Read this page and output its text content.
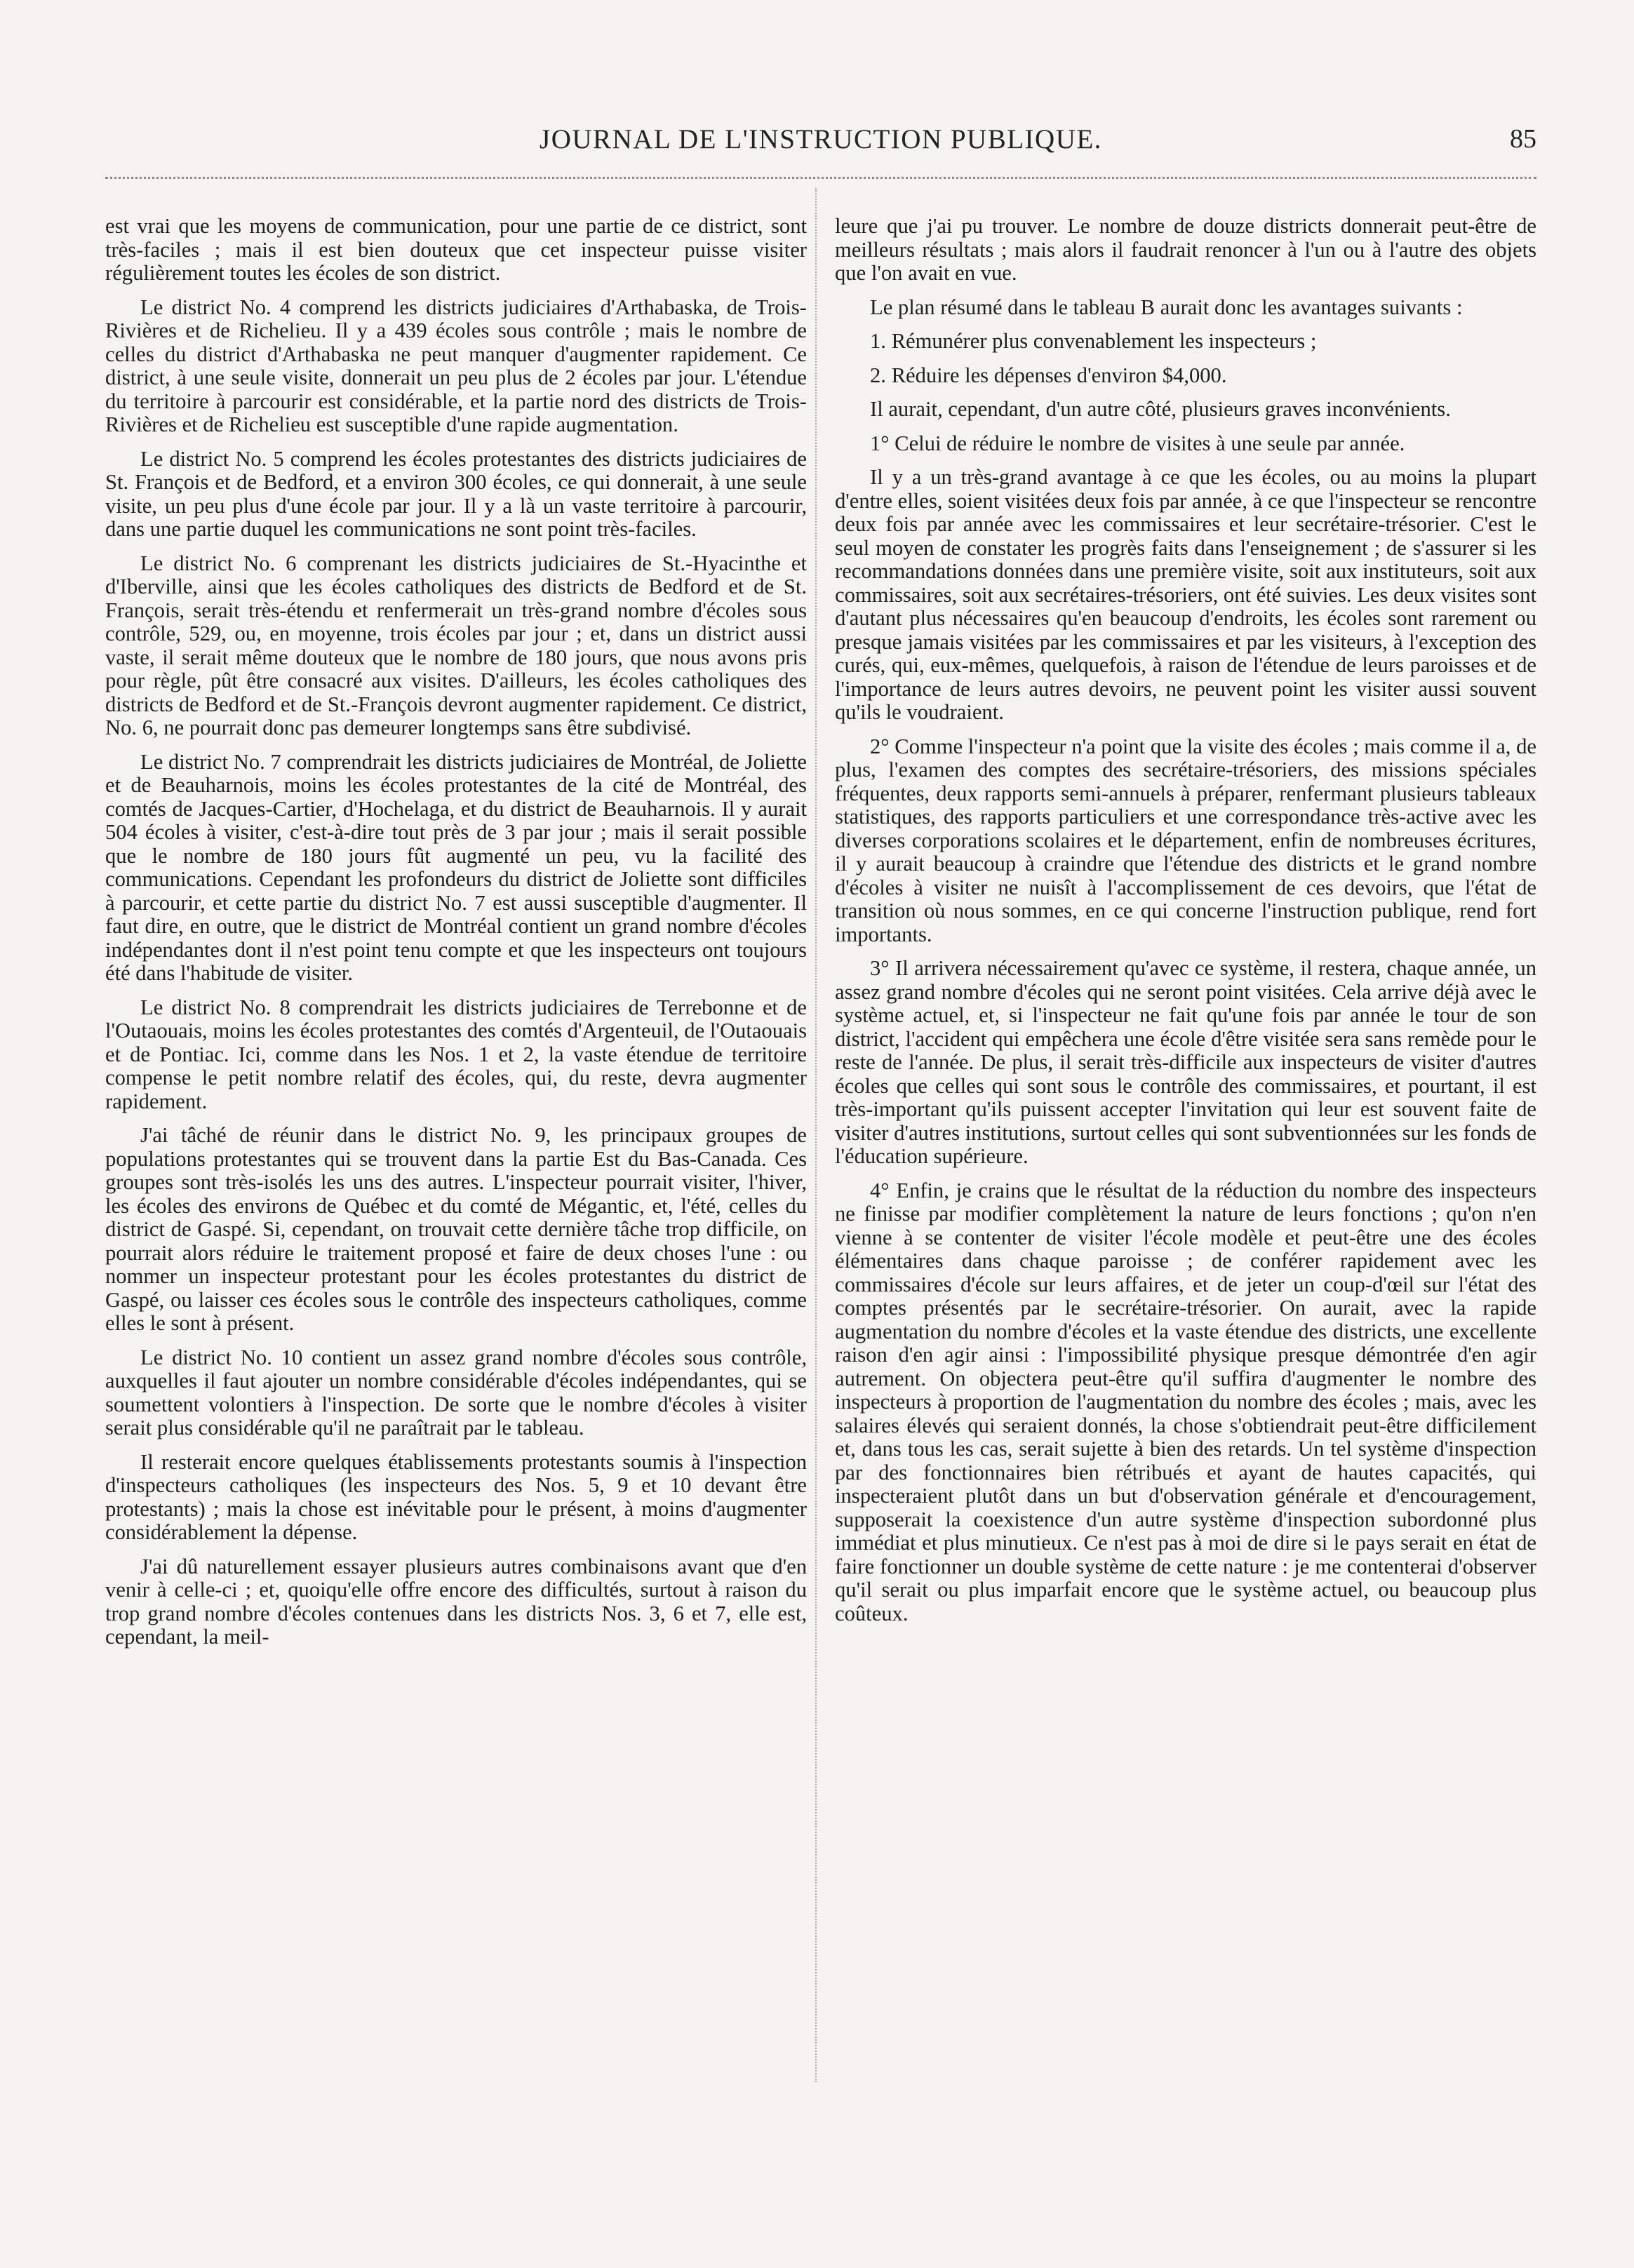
JOURNAL DE L'INSTRUCTION PUBLIQUE.	85

est vrai que les moyens de communication, pour une partie de ce district, sont très-faciles ; mais il est bien douteux que cet inspecteur puisse visiter régulièrement toutes les écoles de son district.

Le district No. 4 comprend les districts judiciaires d'Arthabaska, de Trois-Rivières et de Richelieu. Il y a 439 écoles sous contrôle ; mais le nombre de celles du district d'Arthabaska ne peut manquer d'augmenter rapidement. Ce district, à une seule visite, donnerait un peu plus de 2 écoles par jour. L'étendue du territoire à parcourir est considérable, et la partie nord des districts de Trois-Rivières et de Richelieu est susceptible d'une rapide augmentation.

Le district No. 5 comprend les écoles protestantes des districts judiciaires de St. François et de Bedford, et a environ 300 écoles, ce qui donnerait, à une seule visite, un peu plus d'une école par jour. Il y a là un vaste territoire à parcourir, dans une partie duquel les communications ne sont point très-faciles.

Le district No. 6 comprenant les districts judiciaires de St.-Hyacinthe et d'Iberville, ainsi que les écoles catholiques des districts de Bedford et de St. François, serait très-étendu et renfermerait un très-grand nombre d'écoles sous contrôle, 529, ou, en moyenne, trois écoles par jour ; et, dans un district aussi vaste, il serait même douteux que le nombre de 180 jours, que nous avons pris pour règle, pût être consacré aux visites. D'ailleurs, les écoles catholiques des districts de Bedford et de St.-François devront augmenter rapidement. Ce district, No. 6, ne pourrait donc pas demeurer longtemps sans être subdivisé.

Le district No. 7 comprendrait les districts judiciaires de Montréal, de Joliette et de Beauharnois, moins les écoles protestantes de la cité de Montréal, des comtés de Jacques-Cartier, d'Hochelaga, et du district de Beauharnois. Il y aurait 504 écoles à visiter, c'est-à-dire tout près de 3 par jour ; mais il serait possible que le nombre de 180 jours fût augmenté un peu, vu la facilité des communications. Cependant les profondeurs du district de Joliette sont difficiles à parcourir, et cette partie du district No. 7 est aussi susceptible d'augmenter. Il faut dire, en outre, que le district de Montréal contient un grand nombre d'écoles indépendantes dont il n'est point tenu compte et que les inspecteurs ont toujours été dans l'habitude de visiter.

Le district No. 8 comprendrait les districts judiciaires de Terrebonne et de l'Outaouais, moins les écoles protestantes des comtés d'Argenteuil, de l'Outaouais et de Pontiac. Ici, comme dans les Nos. 1 et 2, la vaste étendue de territoire compense le petit nombre relatif des écoles, qui, du reste, devra augmenter rapidement.

J'ai tâché de réunir dans le district No. 9, les principaux groupes de populations protestantes qui se trouvent dans la partie Est du Bas-Canada. Ces groupes sont très-isolés les uns des autres. L'inspecteur pourrait visiter, l'hiver, les écoles des environs de Québec et du comté de Mégantic, et, l'été, celles du district de Gaspé. Si, cependant, on trouvait cette dernière tâche trop difficile, on pourrait alors réduire le traitement proposé et faire de deux choses l'une : ou nommer un inspecteur protestant pour les écoles protestantes du district de Gaspé, ou laisser ces écoles sous le contrôle des inspecteurs catholiques, comme elles le sont à présent.

Le district No. 10 contient un assez grand nombre d'écoles sous contrôle, auxquelles il faut ajouter un nombre considérable d'écoles indépendantes, qui se soumettent volontiers à l'inspection. De sorte que le nombre d'écoles à visiter serait plus considérable qu'il ne paraîtrait par le tableau.

Il resterait encore quelques établissements protestants soumis à l'inspection d'inspecteurs catholiques (les inspecteurs des Nos. 5, 9 et 10 devant être protestants) ; mais la chose est inévitable pour le présent, à moins d'augmenter considérablement la dépense.

J'ai dû naturellement essayer plusieurs autres combinaisons avant que d'en venir à celle-ci ; et, quoiqu'elle offre encore des difficultés, surtout à raison du trop grand nombre d'écoles contenues dans les districts Nos. 3, 6 et 7, elle est, cependant, la meil-

leure que j'ai pu trouver. Le nombre de douze districts donnerait peut-être de meilleurs résultats ; mais alors il faudrait renoncer à l'un ou à l'autre des objets que l'on avait en vue.

Le plan résumé dans le tableau B aurait donc les avantages suivants :

1. Rémunérer plus convenablement les inspecteurs ;

2. Réduire les dépenses d'environ $4,000.

Il aurait, cependant, d'un autre côté, plusieurs graves inconvénients.

1° Celui de réduire le nombre de visites à une seule par année.

Il y a un très-grand avantage à ce que les écoles, ou au moins la plupart d'entre elles, soient visitées deux fois par année, à ce que l'inspecteur se rencontre deux fois par année avec les commissaires et leur secrétaire-trésorier. C'est le seul moyen de constater les progrès faits dans l'enseignement ; de s'assurer si les recommandations données dans une première visite, soit aux instituteurs, soit aux commissaires, soit aux secrétaires-trésoriers, ont été suivies. Les deux visites sont d'autant plus nécessaires qu'en beaucoup d'endroits, les écoles sont rarement ou presque jamais visitées par les commissaires et par les visiteurs, à l'exception des curés, qui, eux-mêmes, quelquefois, à raison de l'étendue de leurs paroisses et de l'importance de leurs autres devoirs, ne peuvent point les visiter aussi souvent qu'ils le voudraient.

2° Comme l'inspecteur n'a point que la visite des écoles ; mais comme il a, de plus, l'examen des comptes des secrétaire-trésoriers, des missions spéciales fréquentes, deux rapports semi-annuels à préparer, renfermant plusieurs tableaux statistiques, des rapports particuliers et une correspondance très-active avec les diverses corporations scolaires et le département, enfin de nombreuses écritures, il y aurait beaucoup à craindre que l'étendue des districts et le grand nombre d'écoles à visiter ne nuisît à l'accomplissement de ces devoirs, que l'état de transition où nous sommes, en ce qui concerne l'instruction publique, rend fort importants.

3° Il arrivera nécessairement qu'avec ce système, il restera, chaque année, un assez grand nombre d'écoles qui ne seront point visitées. Cela arrive déjà avec le système actuel, et, si l'inspecteur ne fait qu'une fois par année le tour de son district, l'accident qui empêchera une école d'être visitée sera sans remède pour le reste de l'année. De plus, il serait très-difficile aux inspecteurs de visiter d'autres écoles que celles qui sont sous le contrôle des commissaires, et pourtant, il est très-important qu'ils puissent accepter l'invitation qui leur est souvent faite de visiter d'autres institutions, surtout celles qui sont subventionnées sur les fonds de l'éducation supérieure.

4° Enfin, je crains que le résultat de la réduction du nombre des inspecteurs ne finisse par modifier complètement la nature de leurs fonctions ; qu'on n'en vienne à se contenter de visiter l'école modèle et peut-être une des écoles élémentaires dans chaque paroisse ; de conférer rapidement avec les commissaires d'école sur leurs affaires, et de jeter un coup-d'œil sur l'état des comptes présentés par le secrétaire-trésorier. On aurait, avec la rapide augmentation du nombre d'écoles et la vaste étendue des districts, une excellente raison d'en agir ainsi : l'impossibilité physique presque démontrée d'en agir autrement. On objectera peut-être qu'il suffira d'augmenter le nombre des inspecteurs à proportion de l'augmentation du nombre des écoles ; mais, avec les salaires élevés qui seraient donnés, la chose s'obtiendrait peut-être difficilement et, dans tous les cas, serait sujette à bien des retards. Un tel système d'inspection par des fonctionnaires bien rétribués et ayant de hautes capacités, qui inspecteraient plutôt dans un but d'observation générale et d'encouragement, supposerait la coexistence d'un autre système d'inspection subordonné plus immédiat et plus minutieux. Ce n'est pas à moi de dire si le pays serait en état de faire fonctionner un double système de cette nature : je me contenterai d'observer qu'il serait ou plus imparfait encore que le système actuel, ou beaucoup plus coûteux.
